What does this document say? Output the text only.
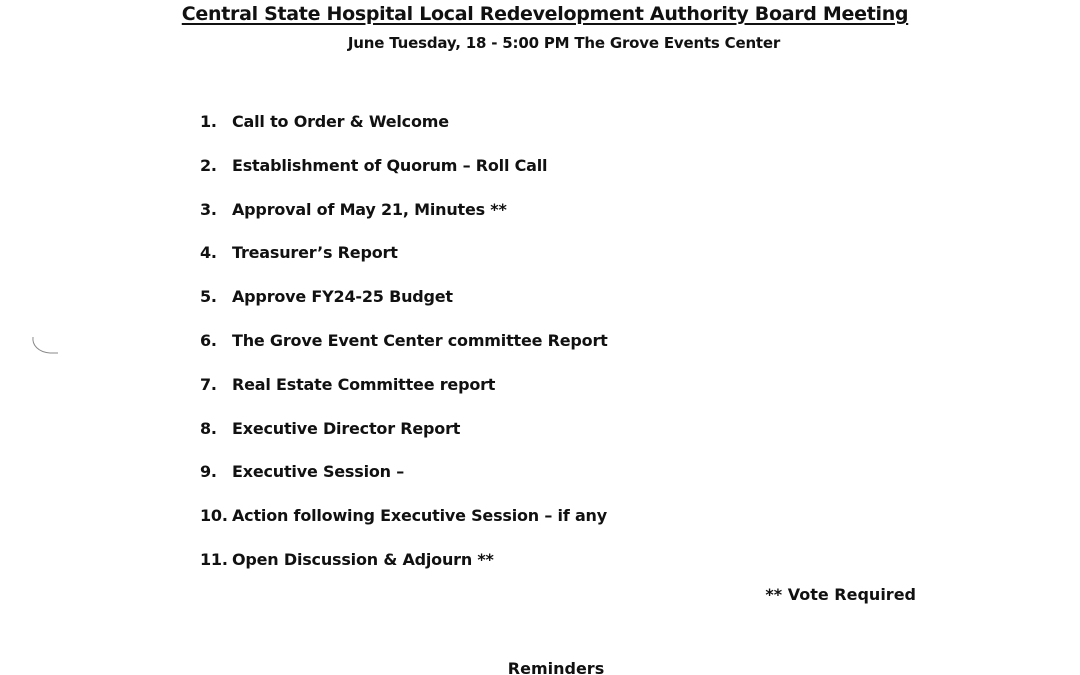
Central State Hospital Local Redevelopment Authority Board Meeting
June Tuesday, 18 - 5:00 PM The Grove Events Center
1. Call to Order & Welcome
2. Establishment of Quorum – Roll Call
3. Approval of May 21, Minutes **
4. Treasurer’s Report
5. Approve FY24-25 Budget
6. The Grove Event Center committee Report
7. Real Estate Committee report
8. Executive Director Report
9. Executive Session –
10. Action following Executive Session – if any
11. Open Discussion & Adjourn **
** Vote Required
Reminders
